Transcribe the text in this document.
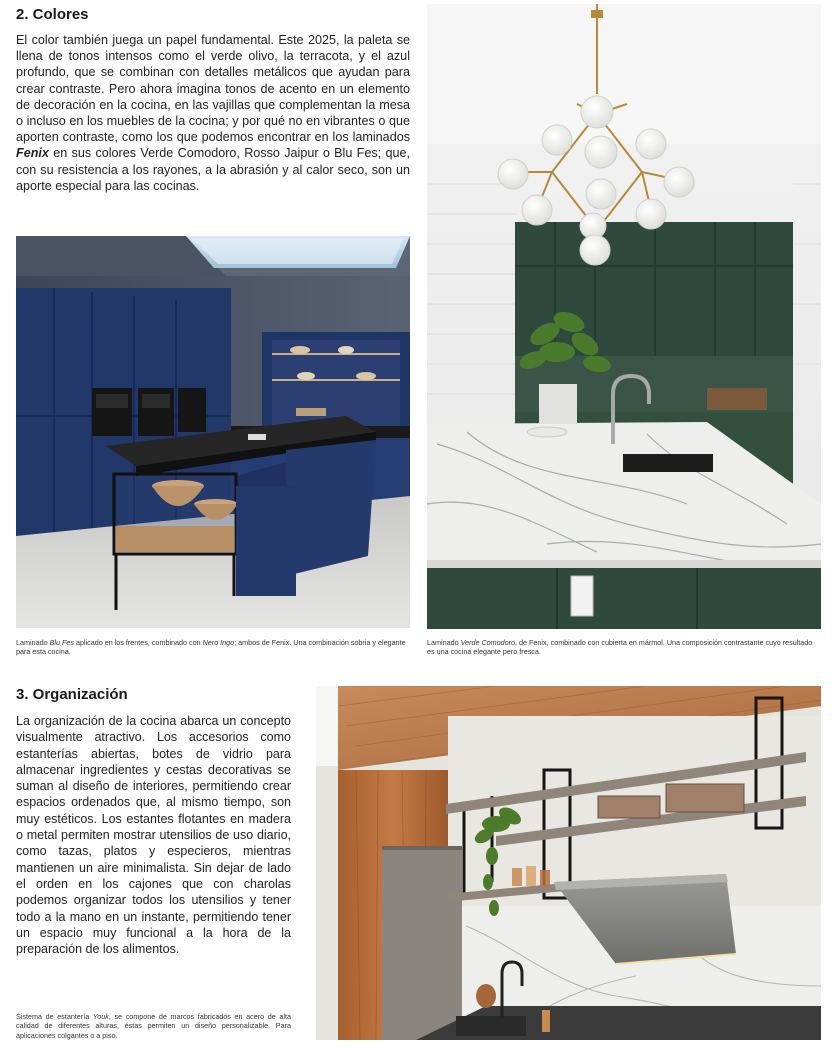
2. Colores

El color también juega un papel fundamental. Este 2025, la paleta se llena de tonos intensos como el verde olivo, la terracota, y el azul profundo, que se combinan con detalles metálicos que ayudan para crear contraste. Pero ahora imagina tonos de acento en un elemento de decoración en la cocina, en las vajillas que complementan la mesa o incluso en los muebles de la cocina; y por qué no en vibrantes o que aporten contraste, como los que podemos encontrar en los laminados Fenix en sus colores Verde Comodoro, Rosso Jaipur o Blu Fes; que, con su resistencia a los rayones, a la abrasión y al calor seco, son un aporte especial para las cocinas.

Laminado Blu Fes aplicado en los frentes, combinado con Nero Ingo; ambos de Fenix. Una combinación sobria y elegante para esta cocina.

Laminado Verde Comodoro, de Fenix, combinado con cubierta en mármol. Una composición contrastante cuyo resultado es una cocina elegante pero fresca.

3. Organización

La organización de la cocina abarca un concepto visualmente atractivo. Los accesorios como estanterías abiertas, botes de vidrio para almacenar ingredientes y cestas decorativas se suman al diseño de interiores, permitiendo crear espacios ordenados que, al mismo tiempo, son muy estéticos. Los estantes flotantes en madera o metal permiten mostrar utensilios de uso diario, como tazas, platos y especieros, mientras mantienen un aire minimalista. Sin dejar de lado el orden en los cajones que con charolas podemos organizar todos los utensilios y tener todo a la mano en un instante, permitiendo tener un espacio muy funcional a la hora de la preparación de los alimentos.

Sistema de estantería Youk, se compone de marcos fabricados en acero de alta calidad de diferentes alturas, éstas permiten un diseño personalizable. Para aplicaciones colgantes o a piso.
